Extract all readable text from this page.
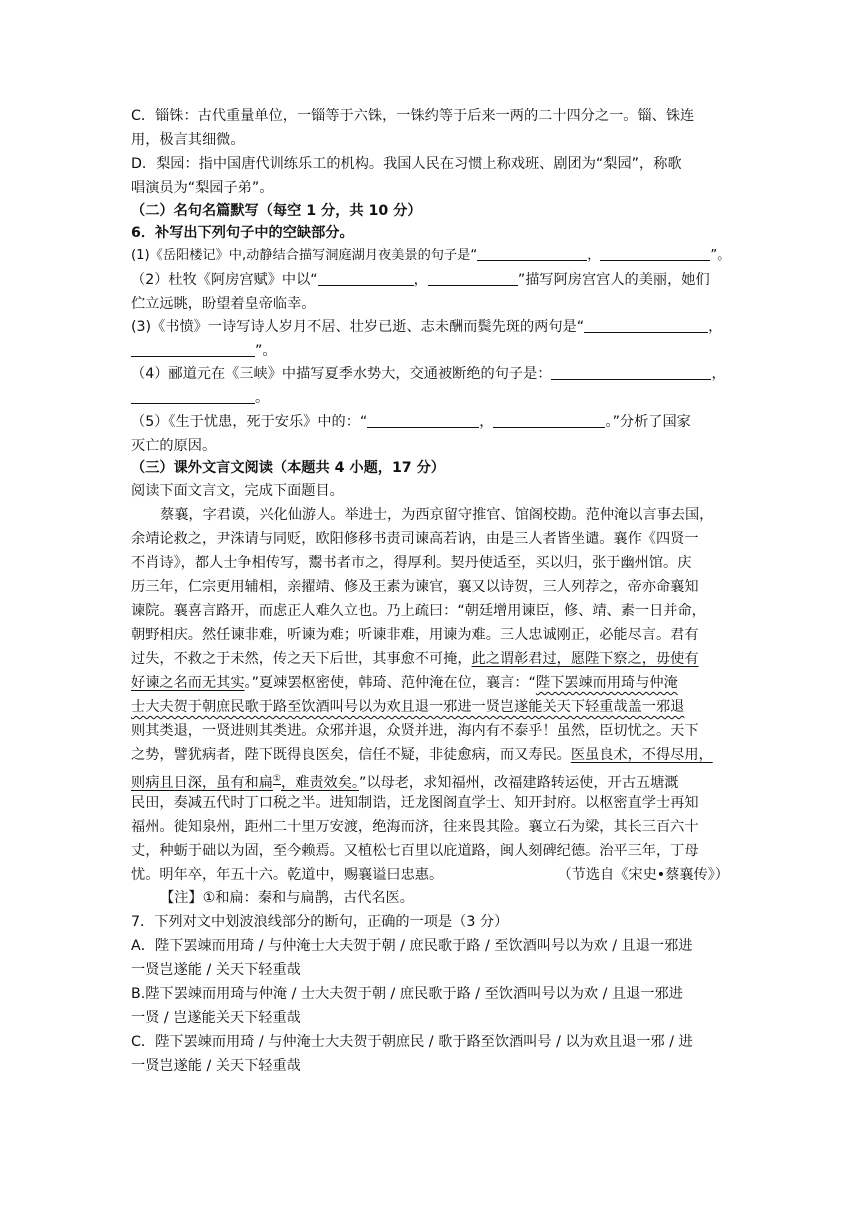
C．锱铢：古代重量单位，一锱等于六铢，一铢约等于后来一两的二十四分之一。锱、铢连
用，极言其细微。
D．梨园：指中国唐代训练乐工的机构。我国人民在习惯上称戏班、剧团为“梨园”，称歌
唱演员为“梨园子弟”。
（二）名句名篇默写（每空 1 分，共 10 分）
6．补写出下列句子中的空缺部分。
(1)《岳阳楼记》中,动静结合描写洞庭湖月夜美景的句子是“	，	”。
（2）杜牧《阿房宫赋》中以“	，	”描写阿房宫宫人的美丽，她们
伫立远眺，盼望着皇帝临幸。
(3)《书愤》一诗写诗人岁月不居、壮岁已逝、志未酬而鬓先斑的两句是“	，
”。
（4）郦道元在《三峡》中描写夏季水势大，交通被断绝的句子是：	，
。
（5）《生于忧患，死于安乐》中的：“	，	。”分析了国家
灭亡的原因。
（三）课外文言文阅读（本题共 4 小题，17 分）
阅读下面文言文，完成下面题目。
蔡襄，字君谟，兴化仙游人。举进士，为西京留守推官、馆阁校勘。范仲淹以言事去国，
余靖论救之，尹洙请与同贬，欧阳修移书责司谏高若讷，由是三人者皆坐谴。襄作《四贤一
不肖诗》，都人士争相传写，鬻书者市之，得厚利。契丹使适至，买以归，张于幽州馆。庆
历三年，仁宗更用辅相，亲擢靖、修及王素为谏官，襄又以诗贺，三人列荐之，帝亦命襄知
谏院。襄喜言路开，而虑正人难久立也。乃上疏曰：“朝廷增用谏臣，修、靖、素一日并命，
朝野相庆。然任谏非难，听谏为难；听谏非难，用谏为难。三人忠诚刚正，必能尽言。君有
过失，不救之于未然，传之天下后世，其事愈不可掩，此之谓彰君过，愿陛下察之，毋使有
好谏之名而无其实。”夏竦罢枢密使，韩琦、范仲淹在位，襄言：“陛下罢竦而用琦与仲淹
士大夫贺于朝庶民歌于路至饮酒叫号以为欢且退一邪进一贤岂遂能关天下轻重哉盖一邪退
则其类退，一贤进则其类进。众邪并退，众贤并进，海内有不泰乎！虽然，臣切忧之。天下
之势，譬犹病者，陛下既得良医矣，信任不疑，非徒愈病，而又寿民。医虽良术，不得尽用，
则病且日深，虽有和扁①，难责效矣。”以母老，求知福州，改福建路转运使，开古五塘溉
民田，奏减五代时丁口税之半。进知制诰，迁龙图阁直学士、知开封府。以枢密直学士再知
福州。徙知泉州，距州二十里万安渡，绝海而济，往来畏其险。襄立石为梁，其长三百六十
丈，种蛎于础以为固，至今赖焉。又植松七百里以庇道路，闽人刻碑纪德。治平三年，丁母
忧。明年卒，年五十六。乾道中，赐襄谥曰忠惠。	（节选自《宋史•蔡襄传》）
【注】①和扁：秦和与扁鹊，古代名医。
7．下列对文中划波浪线部分的断句，正确的一项是（3 分）
A．陛下罢竦而用琦 / 与仲淹士大夫贺于朝 / 庶民歌于路 / 至饮酒叫号以为欢 / 且退一邪进
一贤岂遂能 / 关天下轻重哉
B.陛下罢竦而用琦与仲淹 / 士大夫贺于朝 / 庶民歌于路 / 至饮酒叫号以为欢 / 且退一邪进
一贤 / 岂遂能关天下轻重哉
C．陛下罢竦而用琦 / 与仲淹士大夫贺于朝庶民 / 歌于路至饮酒叫号 / 以为欢且退一邪 / 进
一贤岂遂能 / 关天下轻重哉
